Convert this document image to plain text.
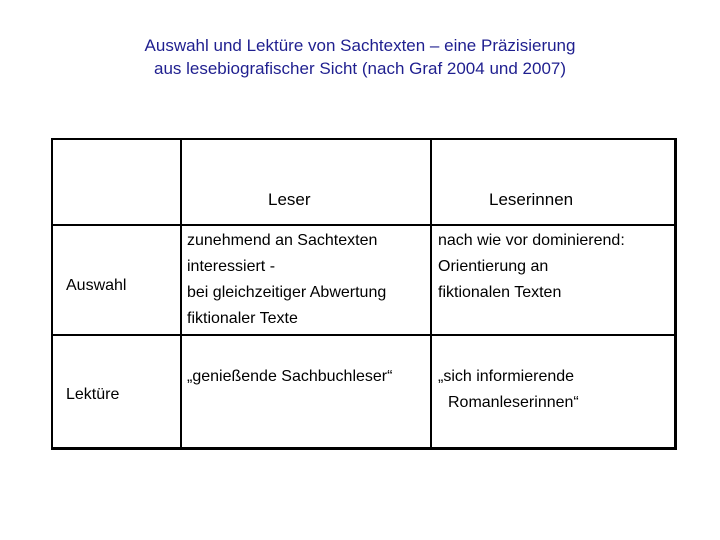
Auswahl und Lektüre von Sachtexten – eine Präzisierung
aus lesebiografischer Sicht (nach Graf 2004 und 2007)
Leser	Leserinnen
Auswahl
zunehmend an Sachtexten
interessiert -
bei gleichzeitiger Abwertung
fiktionaler Texte
nach wie vor dominierend:
Orientierung an
fiktionalen Texten
Lektüre
„genießende Sachbuchleser“	„sich informierende
Romanleserinnen“
